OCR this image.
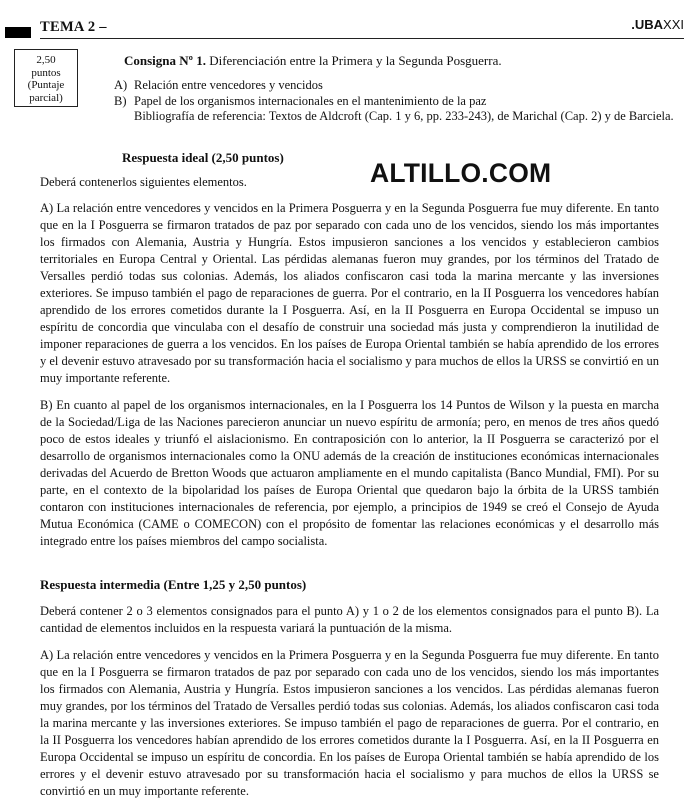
TEMA 2 –	.UBAXXI
2,50
puntos
(Puntaje
parcial)
Consigna Nº 1. Diferenciación entre la Primera y la Segunda Posguerra.
A) Relación entre vencedores y vencidos
B) Papel de los organismos internacionales en el mantenimiento de la paz
Bibliografía de referencia: Textos de Aldcroft (Cap. 1 y 6, pp. 233-243), de Marichal (Cap. 2) y de Barciela.
Respuesta ideal (2,50 puntos)
ALTILLO.COM
Deberá contenerlos siguientes elementos.
A) La relación entre vencedores y vencidos en la Primera Posguerra y en la Segunda Posguerra fue muy diferente. En tanto que en la I Posguerra se firmaron tratados de paz por separado con cada uno de los vencidos, siendo los más importantes los firmados con Alemania, Austria y Hungría. Estos impusieron sanciones a los vencidos y establecieron cambios territoriales en Europa Central y Oriental. Las pérdidas alemanas fueron muy grandes, por los términos del Tratado de Versalles perdió todas sus colonias. Además, los aliados confiscaron casi toda la marina mercante y las inversiones exteriores. Se impuso también el pago de reparaciones de guerra. Por el contrario, en la II Posguerra los vencedores habían aprendido de los errores cometidos durante la I Posguerra. Así, en la II Posguerra en Europa Occidental se impuso un espíritu de concordia que vinculaba con el desafío de construir una sociedad más justa y comprendieron la inutilidad de imponer reparaciones de guerra a los vencidos. En los países de Europa Oriental también se había aprendido de los errores y el devenir estuvo atravesado por su transformación hacia el socialismo y para muchos de ellos la URSS se convirtió en un muy importante referente.
B) En cuanto al papel de los organismos internacionales, en la I Posguerra los 14 Puntos de Wilson y la puesta en marcha de la Sociedad/Liga de las Naciones parecieron anunciar un nuevo espíritu de armonía; pero, en menos de tres años quedó poco de estos ideales y triunfó el aislacionismo. En contraposición con lo anterior, la II Posguerra se caracterizó por el desarrollo de organismos internacionales como la ONU además de la creación de instituciones económicas internacionales derivadas del Acuerdo de Bretton Woods que actuaron ampliamente en el mundo capitalista (Banco Mundial, FMI). Por su parte, en el contexto de la bipolaridad los países de Europa Oriental que quedaron bajo la órbita de la URSS también contaron con instituciones internacionales de referencia, por ejemplo, a principios de 1949 se creó el Consejo de Ayuda Mutua Económica (CAME o COMECON) con el propósito de fomentar las relaciones económicas y el desarrollo más integrado entre los países miembros del campo socialista.
Respuesta intermedia (Entre 1,25 y 2,50 puntos)
Deberá contener 2 o 3 elementos consignados para el punto A) y 1 o 2 de los elementos consignados para el punto B). La cantidad de elementos incluidos en la respuesta variará la puntuación de la misma.
A) La relación entre vencedores y vencidos en la Primera Posguerra y en la Segunda Posguerra fue muy diferente. En tanto que en la I Posguerra se firmaron tratados de paz por separado con cada uno de los vencidos, siendo los más importantes los firmados con Alemania, Austria y Hungría. Estos impusieron sanciones a los vencidos. Las pérdidas alemanas fueron muy grandes, por los términos del Tratado de Versalles perdió todas sus colonias. Además, los aliados confiscaron casi toda la marina mercante y las inversiones exteriores. Se impuso también el pago de reparaciones de guerra. Por el contrario, en la II Posguerra los vencedores habían aprendido de los errores cometidos durante la I Posguerra. Así, en la II Posguerra en Europa Occidental se impuso un espíritu de concordia. En los países de Europa Oriental también se había aprendido de los errores y el devenir estuvo atravesado por su transformación hacia el socialismo y para muchos de ellos la URSS se convirtió en un muy importante referente.
